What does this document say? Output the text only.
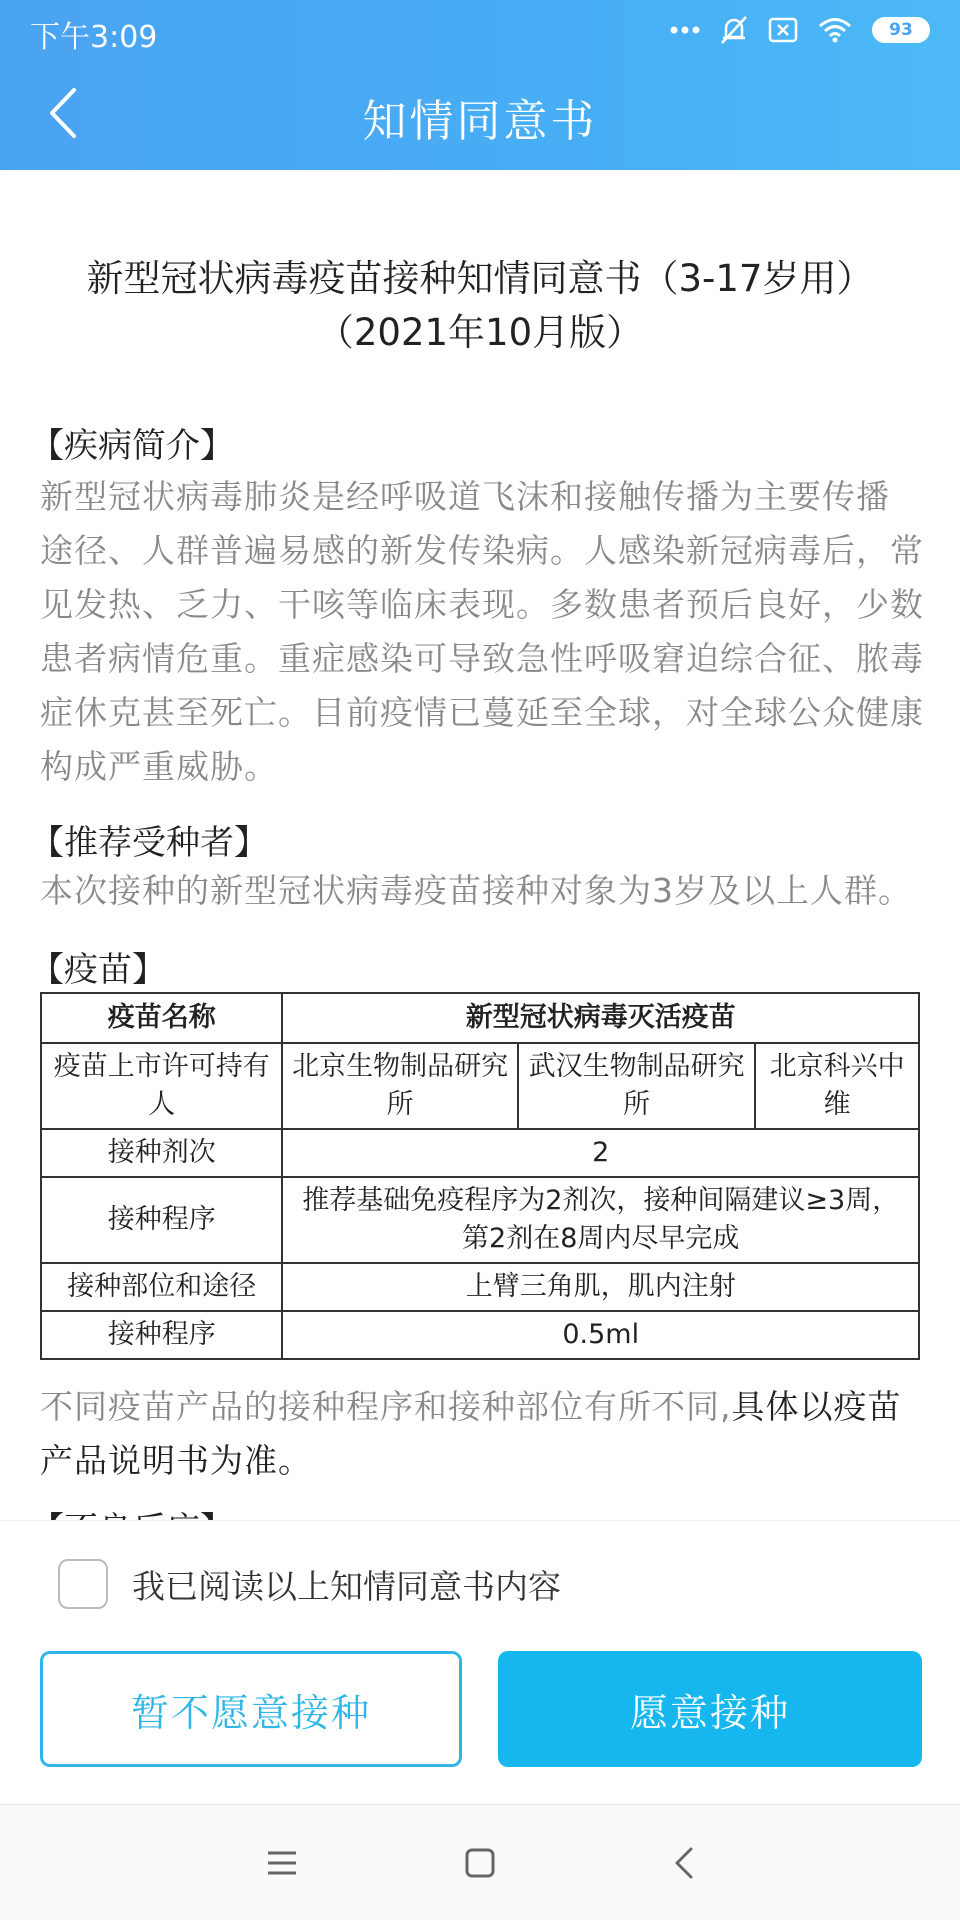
下午3:09	93
知情同意书
新型冠状病毒疫苗接种知情同意书（3-17岁用）
（2021年10月版）
【疾病简介】
新型冠状病毒肺炎是经呼吸道飞沫和接触传播为主要传播
途径、人群普遍易感的新发传染病。人感染新冠病毒后，常
见发热、乏力、干咳等临床表现。多数患者预后良好，少数
患者病情危重。重症感染可导致急性呼吸窘迫综合征、脓毒
症休克甚至死亡。目前疫情已蔓延至全球，对全球公众健康
构成严重威胁。
【推荐受种者】
本次接种的新型冠状病毒疫苗接种对象为3岁及以上人群。
【疫苗】
疫苗名称	新型冠状病毒灭活疫苗		
疫苗上市许可持有人	北京生物制品研究所	武汉生物制品研究所	北京科兴中维
接种剂次	2		
接种程序	推荐基础免疫程序为2剂次，接种间隔建议≥3周，第2剂在8周内尽早完成		
接种部位和途径	上臂三角肌，肌内注射		
接种程序	0.5ml		
不同疫苗产品的接种程序和接种部位有所不同,具体以疫苗产品说明书为准。
我已阅读以上知情同意书内容
暂不愿意接种	愿意接种
